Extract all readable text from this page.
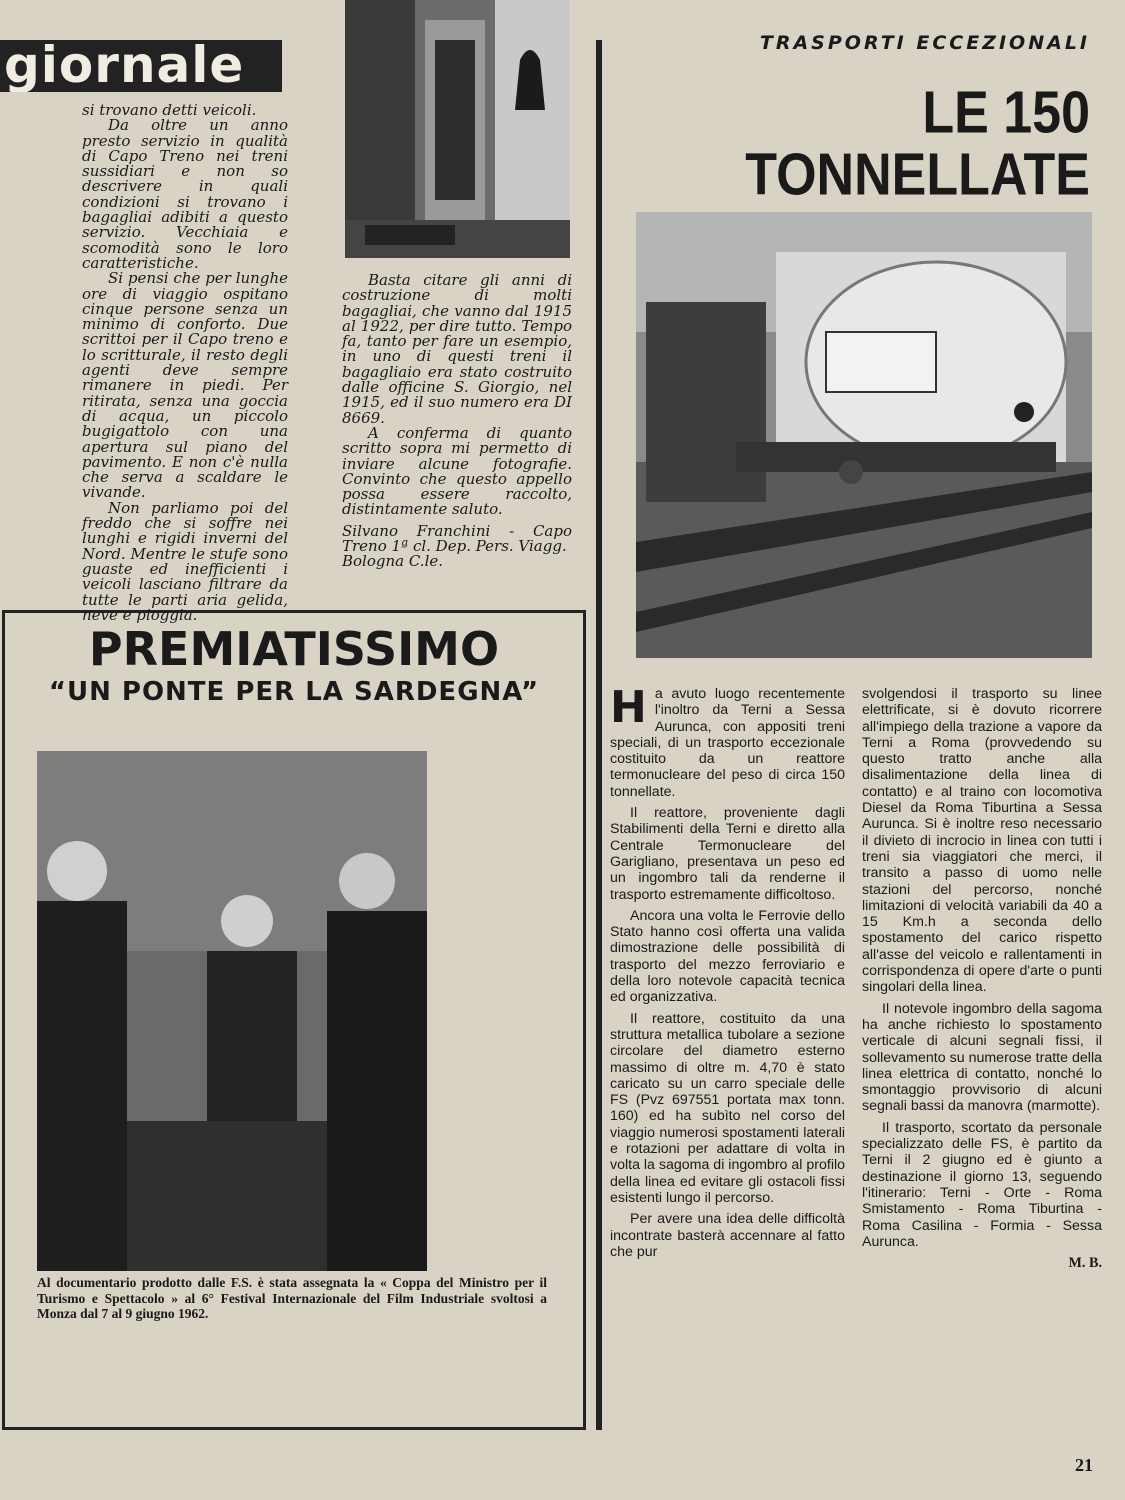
giornale

si trovano detti veicoli.

Da oltre un anno presto servizio in qualità di Capo Treno nei treni sussidiari e non so descrivere in quali condizioni si trovano i bagagliai adibiti a questo servizio. Vecchiaia e scomodità sono le loro caratteristiche.

Si pensi che per lunghe ore di viaggio ospitano cinque persone senza un minimo di conforto. Due scrittoi per il Capo treno e lo scritturale, il resto degli agenti deve sempre rimanere in piedi. Per ritirata, senza una goccia di acqua, un piccolo bugigattolo con una apertura sul piano del pavimento. E non c'è nulla che serva a scaldare le vivande.

Non parliamo poi del freddo che si soffre nei lunghi e rigidi inverni del Nord. Mentre le stufe sono guaste ed inefficienti i veicoli lasciano filtrare da tutte le parti aria gelida, neve e pioggia.

Basta citare gli anni di costruzione di molti bagagliai, che vanno dal 1915 al 1922, per dire tutto. Tempo fa, tanto per fare un esempio, in uno di questi treni il bagagliaio era stato costruito dalle officine S. Giorgio, nel 1915, ed il suo numero era DI 8669.

A conferma di quanto scritto sopra mi permetto di inviare alcune fotografie. Convinto che questo appello possa essere raccolto, distintamente saluto.

Silvano Franchini - Capo Treno 1ª cl. Dep. Pers. Viagg.
Bologna C.le.

TRASPORTI ECCEZIONALI
LE 150 TONNELLATE
PREMIATISSIMO
“UN PONTE PER LA SARDEGNA”
Al documentario prodotto dalle F.S. è stata assegnata la « Coppa del Ministro per il Turismo e Spettacolo » al 6° Festival Internazionale del Film Industriale svoltosi a Monza dal 7 al 9 giugno 1962.

Ha avuto luogo recentemente l'inoltro da Terni a Sessa Aurunca, con appositi treni speciali, di un trasporto eccezionale costituito da un reattore termonucleare del peso di circa 150 tonnellate.

Il reattore, proveniente dagli Stabilimenti della Terni e diretto alla Centrale Termonucleare del Garigliano, presentava un peso ed un ingombro tali da renderne il trasporto estremamente difficoltoso.

Ancora una volta le Ferrovie dello Stato hanno così offerta una valida dimostrazione delle possibilità di trasporto del mezzo ferroviario e della loro notevole capacità tecnica ed organizzativa.

Il reattore, costituito da una struttura metallica tubolare a sezione circolare del diametro esterno massimo di oltre m. 4,70 è stato caricato su un carro speciale delle FS (Pvz 697551 portata max tonn. 160) ed ha subìto nel corso del viaggio numerosi spostamenti laterali e rotazioni per adattare di volta in volta la sagoma di ingombro al profilo della linea ed evitare gli ostacoli fissi esistenti lungo il percorso.

Per avere una idea delle difficoltà incontrate basterà accennare al fatto che pur

svolgendosi il trasporto su linee elettrificate, si è dovuto ricorrere all'impiego della trazione a vapore da Terni a Roma (provvedendo su questo tratto anche alla disalimentazione della linea di contatto) e al traino con locomotiva Diesel da Roma Tiburtina a Sessa Aurunca. Si è inoltre reso necessario il divieto di incrocio in linea con tutti i treni sia viaggiatori che merci, il transito a passo di uomo nelle stazioni del percorso, nonché limitazioni di velocità variabili da 40 a 15 Km.h a seconda dello spostamento del carico rispetto all'asse del veicolo e rallentamenti in corrispondenza di opere d'arte o punti singolari della linea.

Il notevole ingombro della sagoma ha anche richiesto lo spostamento verticale di alcuni segnali fissi, il sollevamento su numerose tratte della linea elettrica di contatto, nonché lo smontaggio provvisorio di alcuni segnali bassi da manovra (marmotte).

Il trasporto, scortato da personale specializzato delle FS, è partito da Terni il 2 giugno ed è giunto a destinazione il giorno 13, seguendo l'itinerario: Terni - Orte - Roma Smistamento - Roma Tiburtina - Roma Casilina - Formia - Sessa Aurunca.

M. B.
21
